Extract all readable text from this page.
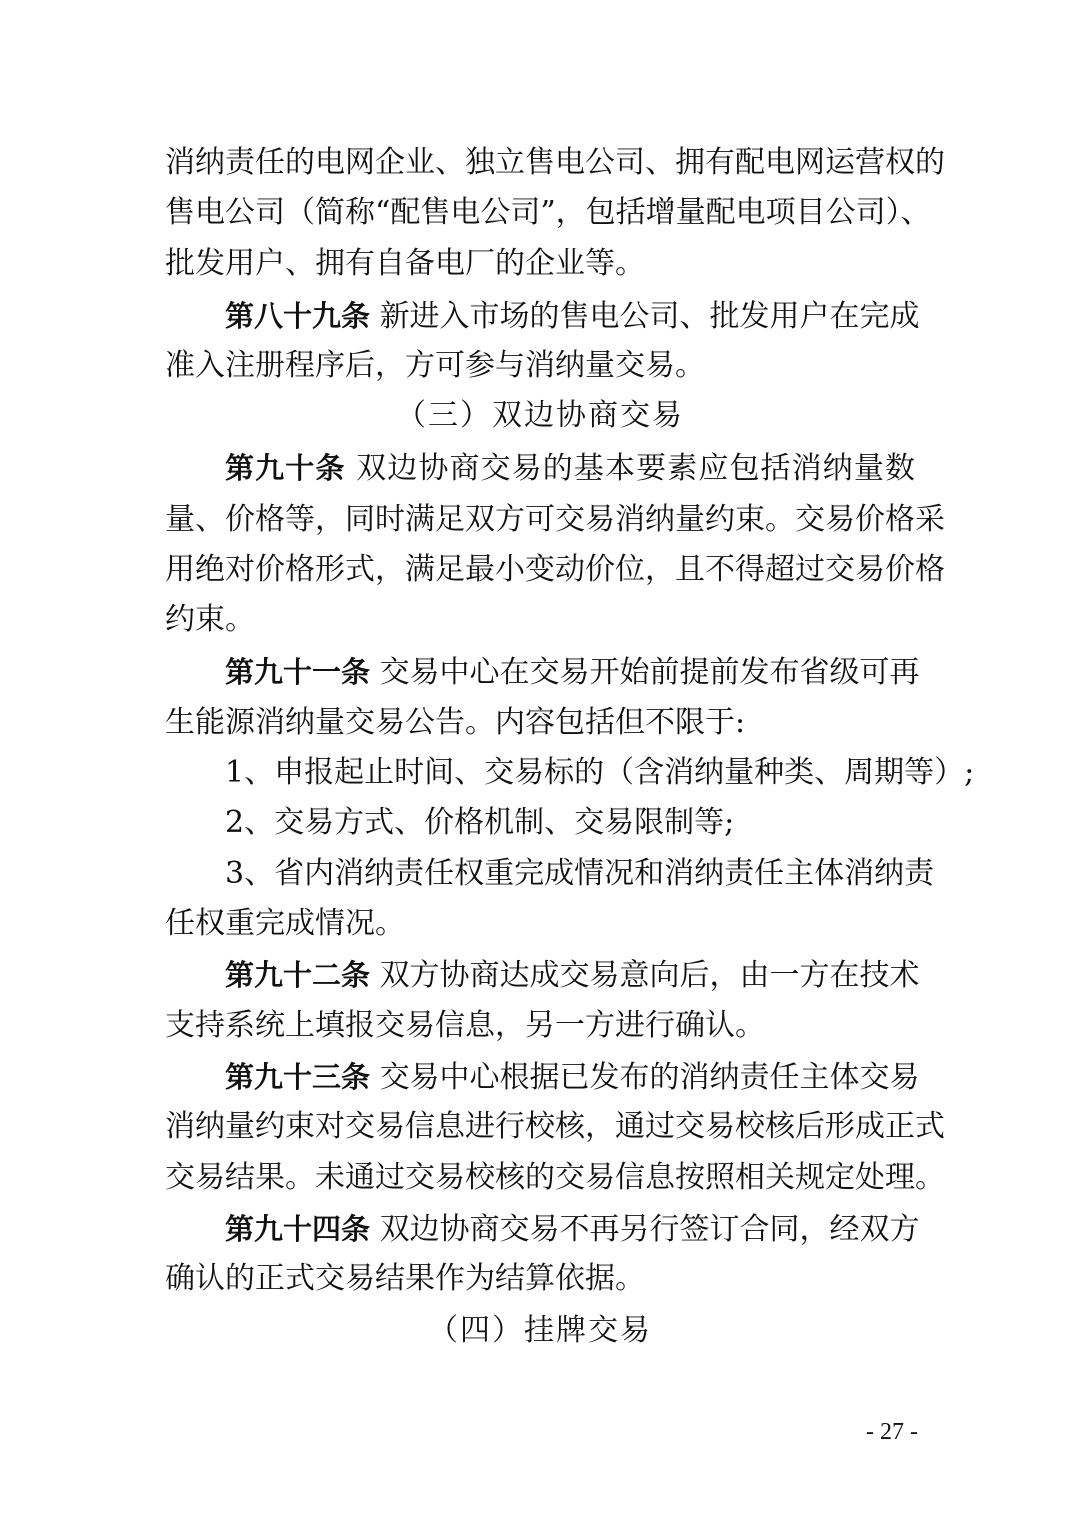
消纳责任的电网企业、独立售电公司、拥有配电网运营权的
售电公司（简称“配售电公司”，包括增量配电项目公司）、
批发用户、拥有自备电厂的企业等。
第八十九条 新进入市场的售电公司、批发用户在完成
准入注册程序后，方可参与消纳量交易。
（三）双边协商交易
第九十条 双边协商交易的基本要素应包括消纳量数
量、价格等，同时满足双方可交易消纳量约束。交易价格采
用绝对价格形式，满足最小变动价位，且不得超过交易价格
约束。
第九十一条 交易中心在交易开始前提前发布省级可再
生能源消纳量交易公告。内容包括但不限于:
1、申报起止时间、交易标的（含消纳量种类、周期等）;
2、交易方式、价格机制、交易限制等;
3、省内消纳责任权重完成情况和消纳责任主体消纳责
任权重完成情况。
第九十二条 双方协商达成交易意向后，由一方在技术
支持系统上填报交易信息，另一方进行确认。
第九十三条 交易中心根据已发布的消纳责任主体交易
消纳量约束对交易信息进行校核，通过交易校核后形成正式
交易结果。未通过交易校核的交易信息按照相关规定处理。
第九十四条 双边协商交易不再另行签订合同，经双方
确认的正式交易结果作为结算依据。
（四）挂牌交易
- 27 -
